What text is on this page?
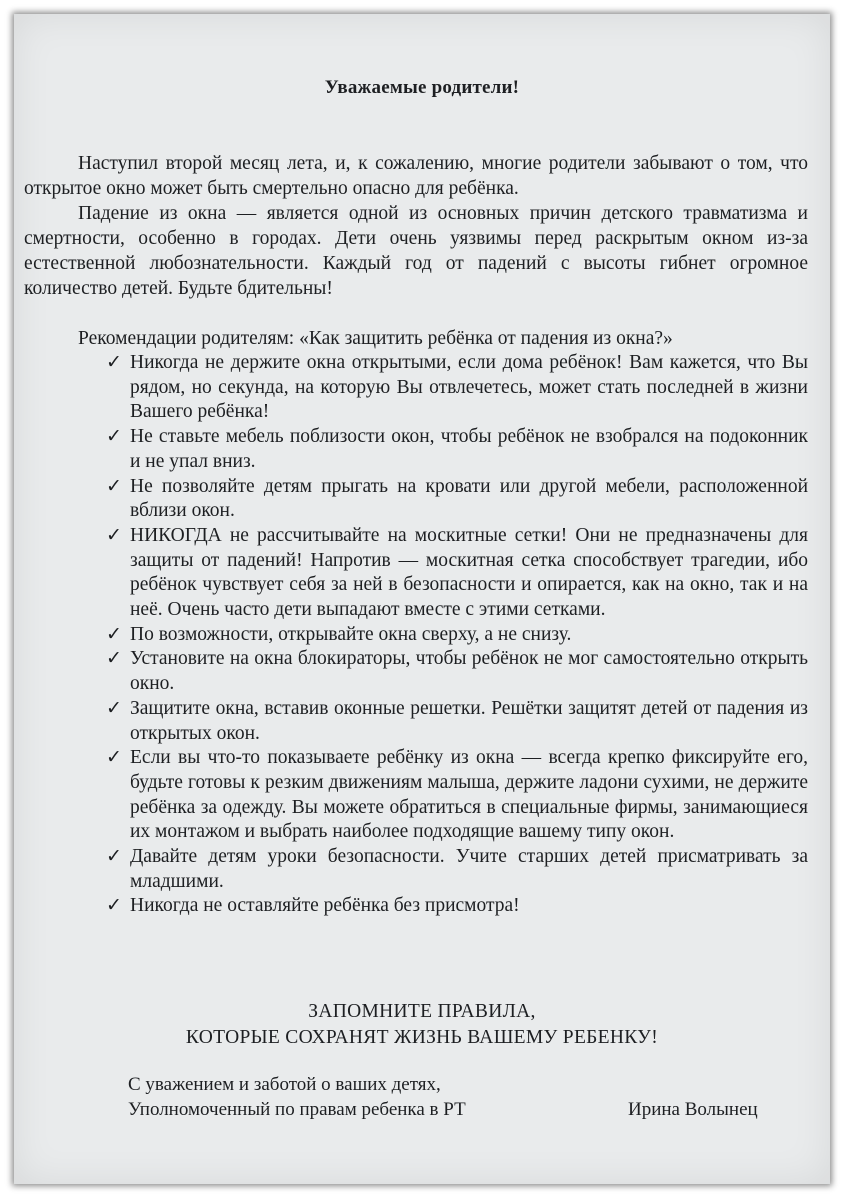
Уважаемые родители!

Наступил второй месяц лета, и, к сожалению, многие родители забывают о том, что открытое окно может быть смертельно опасно для ребёнка.

Падение из окна — является одной из основных причин детского травматизма и смертности, особенно в городах. Дети очень уязвимы перед раскрытым окном из-за естественной любознательности. Каждый год от падений с высоты гибнет огромное количество детей. Будьте бдительны!

Рекомендации родителям: «Как защитить ребёнка от падения из окна?»

✓ Никогда не держите окна открытыми, если дома ребёнок! Вам кажется, что Вы рядом, но секунда, на которую Вы отвлечетесь, может стать последней в жизни Вашего ребёнка!
✓ Не ставьте мебель поблизости окон, чтобы ребёнок не взобрался на подоконник и не упал вниз.
✓ Не позволяйте детям прыгать на кровати или другой мебели, расположенной вблизи окон.
✓ НИКОГДА не рассчитывайте на москитные сетки! Они не предназначены для защиты от падений! Напротив — москитная сетка способствует трагедии, ибо ребёнок чувствует себя за ней в безопасности и опирается, как на окно, так и на неё. Очень часто дети выпадают вместе с этими сетками.
✓ По возможности, открывайте окна сверху, а не снизу.
✓ Установите на окна блокираторы, чтобы ребёнок не мог самостоятельно открыть окно.
✓ Защитите окна, вставив оконные решетки. Решётки защитят детей от падения из открытых окон.
✓ Если вы что-то показываете ребёнку из окна — всегда крепко фиксируйте его, будьте готовы к резким движениям малыша, держите ладони сухими, не держите ребёнка за одежду. Вы можете обратиться в специальные фирмы, занимающиеся их монтажом и выбрать наиболее подходящие вашему типу окон.
✓ Давайте детям уроки безопасности. Учите старших детей присматривать за младшими.
✓ Никогда не оставляйте ребёнка без присмотра!
ЗАПОМНИТЕ ПРАВИЛА,
КОТОРЫЕ СОХРАНЯТ ЖИЗНЬ ВАШЕМУ РЕБЕНКУ!
С уважением и заботой о ваших детях,
Уполномоченный по правам ребенка в РТ	Ирина Волынец
